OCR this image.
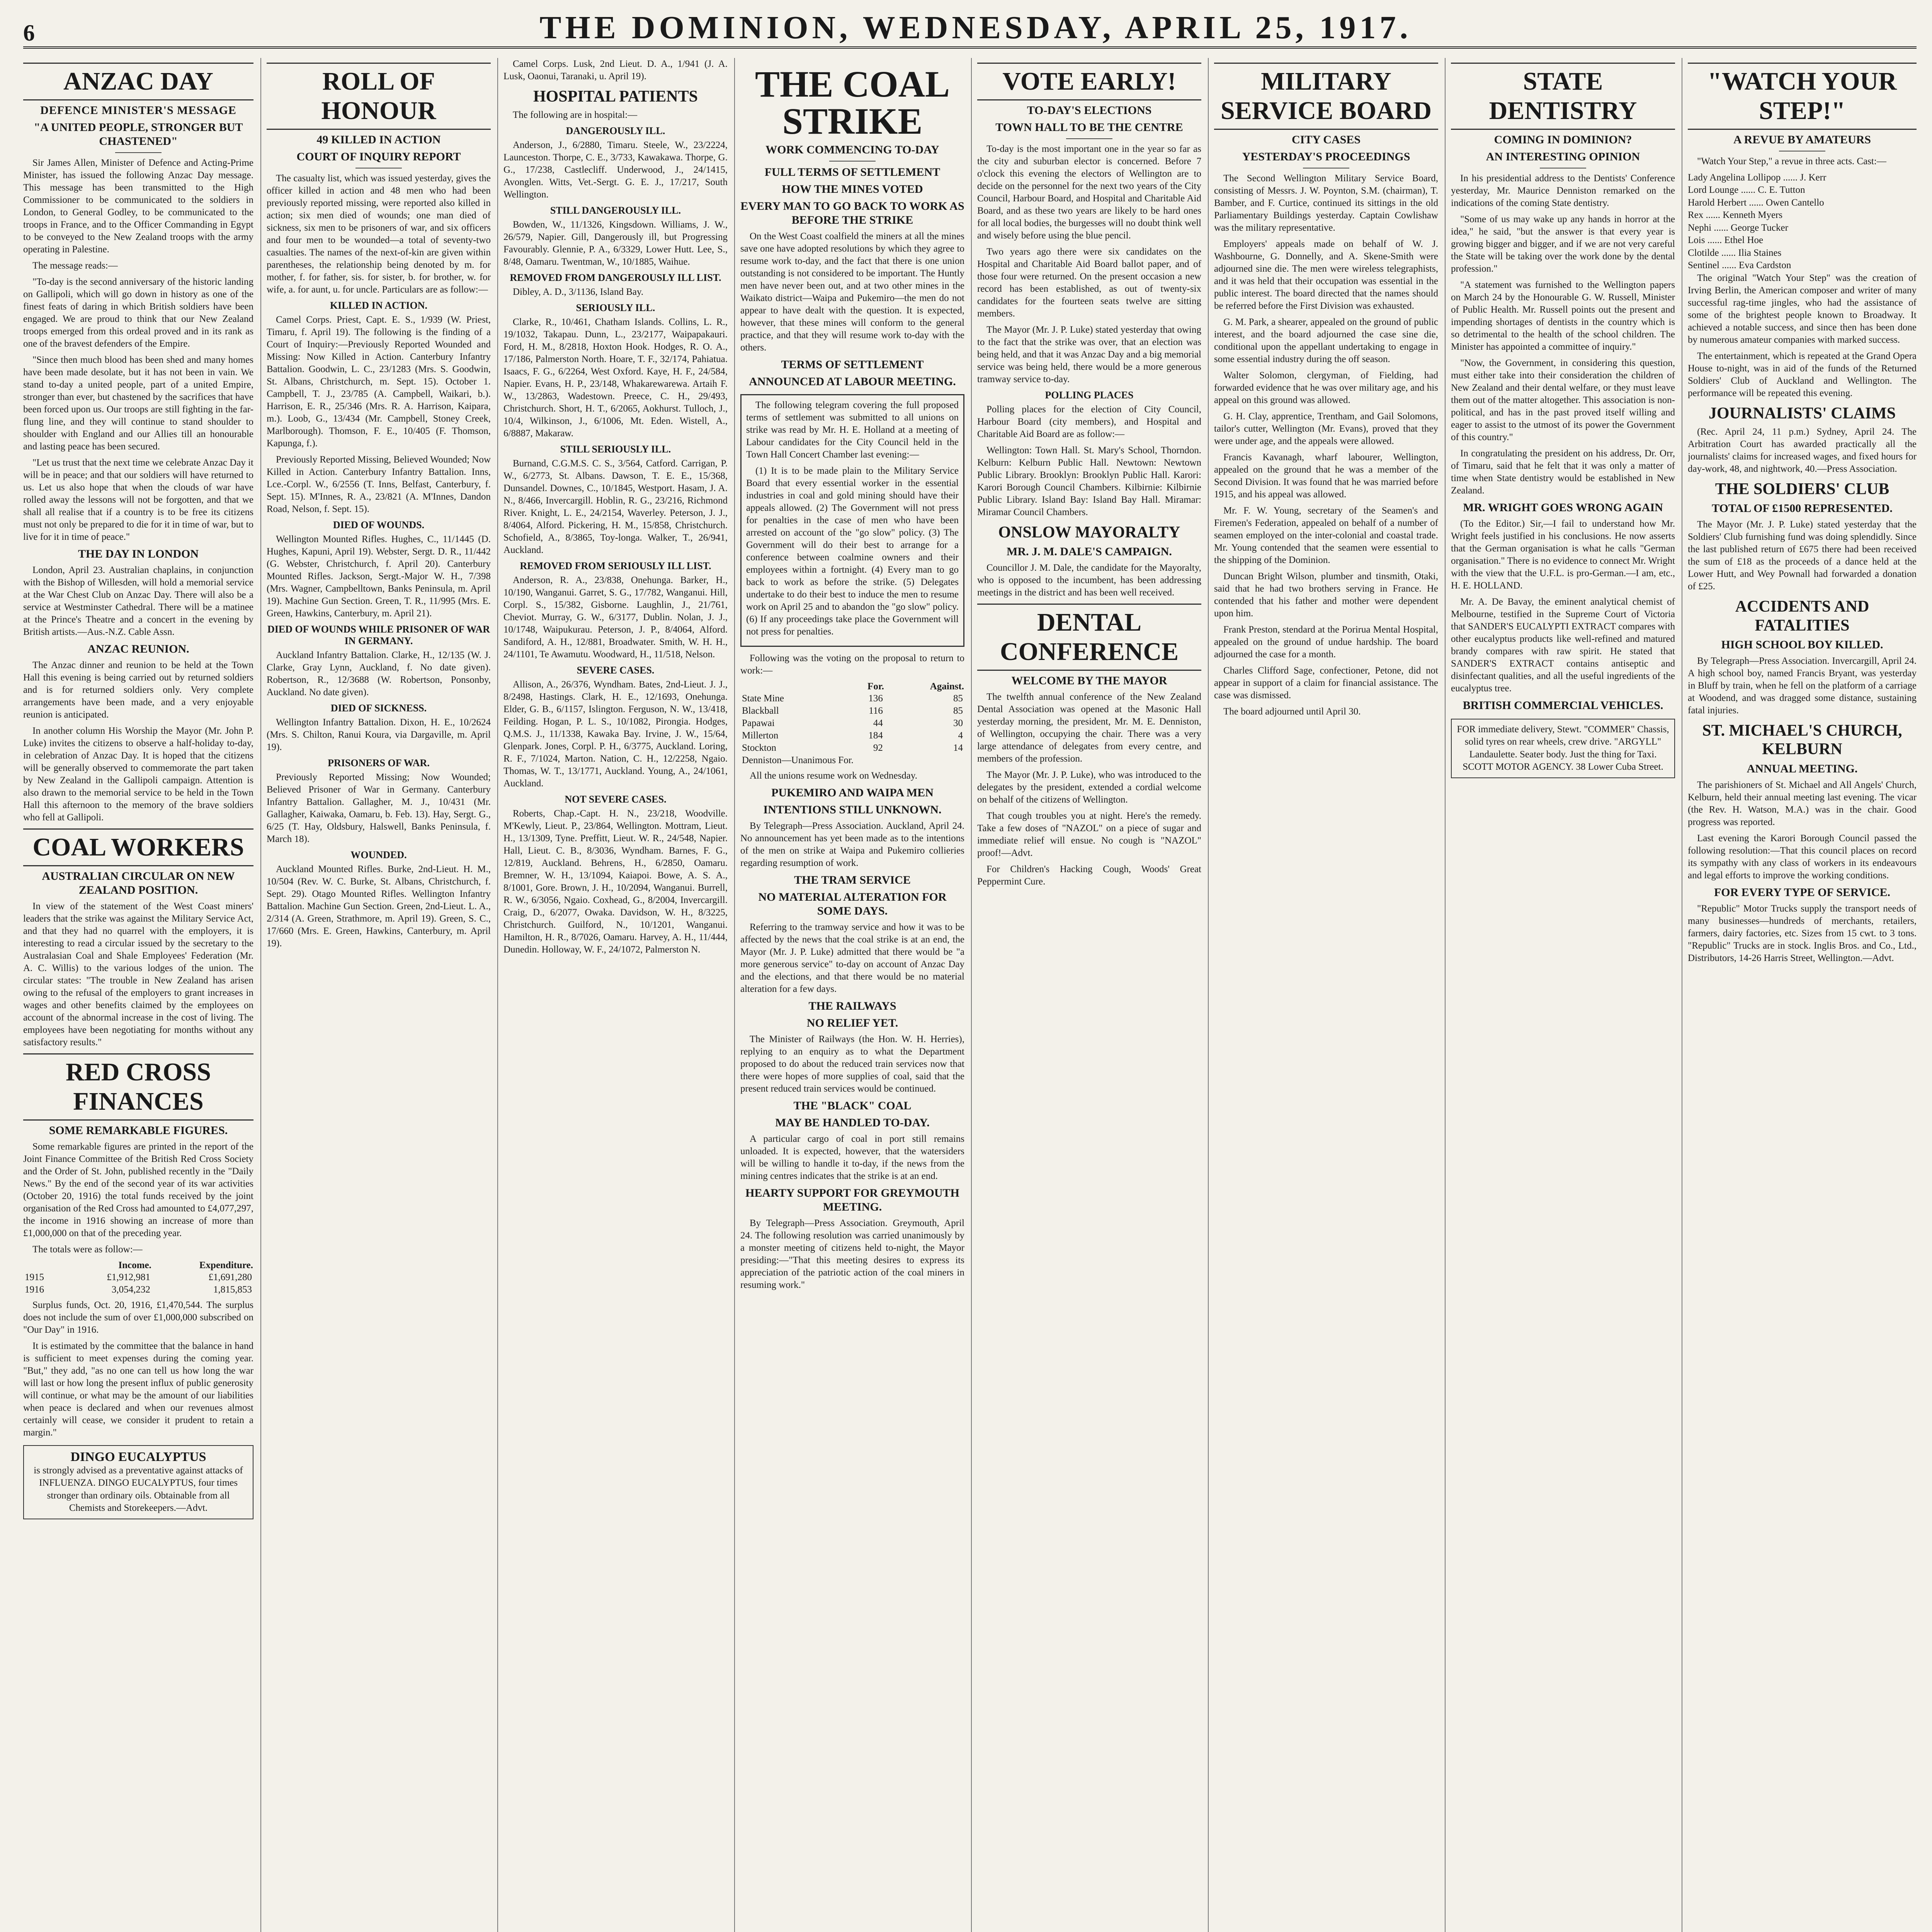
6	THE DOMINION, WEDNESDAY, APRIL 25, 1917.
ANZAC DAY
DEFENCE MINISTER'S MESSAGE
"A UNITED PEOPLE, STRONGER BUT CHASTENED"

Sir James Allen, Minister of Defence and Acting-Prime Minister, has issued the following Anzac Day message. This message has been transmitted to the High Commissioner to be communicated to the soldiers in London, to General Godley, to be communicated to the troops in France, and to the Officer Commanding in Egypt to be conveyed to the New Zealand troops with the army operating in Palestine.

The message reads:—

"To-day is the second anniversary of the historic landing on Gallipoli, which will go down in history as one of the finest feats of daring in which British soldiers have been engaged. We are proud to think that our New Zealand troops emerged from this ordeal proved and in its rank as one of the bravest defenders of the Empire.

"Since then much blood has been shed and many homes have been made desolate, but it has not been in vain. We stand to-day a united people, part of a united Empire, stronger than ever, but chastened by the sacrifices that have been forced upon us. Our troops are still fighting in the far-flung line, and they will continue to stand shoulder to shoulder with England and our Allies till an honourable and lasting peace has been secured.

"Let us trust that the next time we celebrate Anzac Day it will be in peace; and that our soldiers will have returned to us. Let us also hope that when the clouds of war have rolled away the lessons will not be forgotten, and that we shall all realise that if a country is to be free its citizens must not only be prepared to die for it in time of war, but to live for it in time of peace."

THE DAY IN LONDON

London, April 23. Australian chaplains, in conjunction with the Bishop of Willesden, will hold a memorial service at the War Chest Club on Anzac Day. There will also be a service at Westminster Cathedral. There will be a matinee at the Prince's Theatre and a concert in the evening by British artists.—Aus.-N.Z. Cable Assn.

ANZAC REUNION.

The Anzac dinner and reunion to be held at the Town Hall this evening is being carried out by returned soldiers and is for returned soldiers only. Very complete arrangements have been made, and a very enjoyable reunion is anticipated.

In another column His Worship the Mayor (Mr. John P. Luke) invites the citizens to observe a half-holiday to-day, in celebration of Anzac Day. It is hoped that the citizens will be generally observed to commemorate the part taken by New Zealand in the Gallipoli campaign. Attention is also drawn to the memorial service to be held in the Town Hall this afternoon to the memory of the brave soldiers who fell at Gallipoli.

COAL WORKERS
AUSTRALIAN CIRCULAR ON NEW ZEALAND POSITION.

In view of the statement of the West Coast miners' leaders that the strike was against the Military Service Act, and that they had no quarrel with the employers, it is interesting to read a circular issued by the secretary to the Australasian Coal and Shale Employees' Federation (Mr. A. C. Willis) to the various lodges of the union. The circular states: "The trouble in New Zealand has arisen owing to the refusal of the employers to grant increases in wages and other benefits claimed by the employees on account of the abnormal increase in the cost of living. The employees have been negotiating for months without any satisfactory results."

RED CROSS FINANCES
SOME REMARKABLE FIGURES.

Some remarkable figures are printed in the report of the Joint Finance Committee of the British Red Cross Society and the Order of St. John, published recently in the "Daily News." By the end of the second year of its war activities (October 20, 1916) the total funds received by the joint organisation of the Red Cross had amounted to £4,077,297, the income in 1916 showing an increase of more than £1,000,000 on that of the preceding year.

The totals were as follow:—

	Income.	Expenditure.
1915	£1,912,981	£1,691,280
1916	3,054,232	1,815,853

Surplus funds, Oct. 20, 1916, £1,470,544. The surplus does not include the sum of over £1,000,000 subscribed on "Our Day" in 1916.

It is estimated by the committee that the balance in hand is sufficient to meet expenses during the coming year. "But," they add, "as no one can tell us how long the war will last or how long the present influx of public generosity will continue, or what may be the amount of our liabilities when peace is declared and when our revenues almost certainly will cease, we consider it prudent to retain a margin."

DINGO EUCALYPTUS
is strongly advised as a preventative against attacks of INFLUENZA. DINGO EUCALYPTUS, four times stronger than ordinary oils. Obtainable from all Chemists and Storekeepers.—Advt.
ROLL OF HONOUR
49 KILLED IN ACTION
COURT OF INQUIRY REPORT

The casualty list, which was issued yesterday, gives the officer killed in action and 48 men who had been previously reported missing, were reported also killed in action; six men died of wounds; one man died of sickness, six men to be prisoners of war, and six officers and four men to be wounded—a total of seventy-two casualties. The names of the next-of-kin are given within parentheses, the relationship being denoted by m. for mother, f. for father, sis. for sister, b. for brother, w. for wife, a. for aunt, u. for uncle. Particulars are as follow:—

KILLED IN ACTION.

Camel Corps. Priest, Capt. E. S., 1/939 (W. Priest, Timaru, f. April 19). The following is the finding of a Court of Inquiry:—Previously Reported Wounded and Missing: Now Killed in Action. Canterbury Infantry Battalion. Goodwin, L. C., 23/1283 (Mrs. S. Goodwin, St. Albans, Christchurch, m. Sept. 15). October 1. Campbell, T. J., 23/785 (A. Campbell, Waikari, b.). Harrison, E. R., 25/346 (Mrs. R. A. Harrison, Kaipara, m.). Loob, G., 13/434 (Mr. Campbell, Stoney Creek, Marlborough). Thomson, F. E., 10/405 (F. Thomson, Kapunga, f.).

Previously Reported Missing, Believed Wounded; Now Killed in Action. Canterbury Infantry Battalion. Inns, Lce.-Corpl. W., 6/2556 (T. Inns, Belfast, Canterbury, f. Sept. 15). M'Innes, R. A., 23/821 (A. M'Innes, Dandon Road, Nelson, f. Sept. 15).

DIED OF WOUNDS.

Wellington Mounted Rifles. Hughes, C., 11/1445 (D. Hughes, Kapuni, April 19). Webster, Sergt. D. R., 11/442 (G. Webster, Christchurch, f. April 20). Canterbury Mounted Rifles. Jackson, Sergt.-Major W. H., 7/398 (Mrs. Wagner, Campbelltown, Banks Peninsula, m. April 19). Machine Gun Section. Green, T. R., 11/995 (Mrs. E. Green, Hawkins, Canterbury, m. April 21).

DIED OF WOUNDS WHILE PRISONER OF WAR IN GERMANY.

Auckland Infantry Battalion. Clarke, H., 12/135 (W. J. Clarke, Gray Lynn, Auckland, f. No date given). Robertson, R., 12/3688 (W. Robertson, Ponsonby, Auckland. No date given).

DIED OF SICKNESS.

Wellington Infantry Battalion. Dixon, H. E., 10/2624 (Mrs. S. Chilton, Ranui Koura, via Dargaville, m. April 19).

PRISONERS OF WAR.

Previously Reported Missing; Now Wounded; Believed Prisoner of War in Germany. Canterbury Infantry Battalion. Gallagher, M. J., 10/431 (Mr. Gallagher, Kaiwaka, Oamaru, b. Feb. 13). Hay, Sergt. G., 6/25 (T. Hay, Oldsbury, Halswell, Banks Peninsula, f. March 18).

WOUNDED.

Auckland Mounted Rifles. Burke, 2nd-Lieut. H. M., 10/504 (Rev. W. C. Burke, St. Albans, Christchurch, f. Sept. 29). Otago Mounted Rifles. Wellington Infantry Battalion. Machine Gun Section. Green, 2nd-Lieut. L. A., 2/314 (A. Green, Strathmore, m. April 19). Green, S. C., 17/660 (Mrs. E. Green, Hawkins, Canterbury, m. April 19).

Camel Corps. Lusk, 2nd Lieut. D. A., 1/941 (J. A. Lusk, Oaonui, Taranaki, u. April 19).

HOSPITAL PATIENTS

The following are in hospital:—

DANGEROUSLY ILL.

Anderson, J., 6/2880, Timaru. Steele, W., 23/2224, Launceston. Thorpe, C. E., 3/733, Kawakawa. Thorpe, G. G., 17/238, Castlecliff. Underwood, J., 24/1415, Avonglen. Witts, Vet.-Sergt. G. E. J., 17/217, South Wellington.

STILL DANGEROUSLY ILL.

Bowden, W., 11/1326, Kingsdown. Williams, J. W., 26/579, Napier. Gill, Dangerously ill, but Progressing Favourably. Glennie, P. A., 6/3329, Lower Hutt. Lee, S., 8/48, Oamaru. Twentman, W., 10/1885, Waihue.

REMOVED FROM DANGEROUSLY ILL LIST.

Dibley, A. D., 3/1136, Island Bay.

SERIOUSLY ILL.

Clarke, R., 10/461, Chatham Islands. Collins, L. R., 19/1032, Takapau. Dunn, L., 23/2177, Waipapakauri. Ford, H. M., 8/2818, Hoxton Hook. Hodges, R. O. A., 17/186, Palmerston North. Hoare, T. F., 32/174, Pahiatua. Isaacs, F. G., 6/2264, West Oxford. Kaye, H. F., 24/584, Napier. Evans, H. P., 23/148, Whakarewarewa. Artaih F. W., 13/2863, Wadestown. Preece, C. H., 29/493, Christchurch. Short, H. T., 6/2065, Aokhurst. Tulloch, J., 10/4, Wilkinson, J., 6/1006, Mt. Eden. Wistell, A., 6/8887, Makaraw.

STILL SERIOUSLY ILL.

Burnand, C.G.M.S. C. S., 3/564, Catford. Carrigan, P. W., 6/2773, St. Albans. Dawson, T. E. E., 15/368, Dunsandel. Downes, C., 10/1845, Westport. Hasam, J. A. N., 8/466, Invercargill. Hoblin, R. G., 23/216, Richmond River. Knight, L. E., 24/2154, Waverley. Peterson, J. J., 8/4064, Alford. Pickering, H. M., 15/858, Christchurch. Schofield, A., 8/3865, Toy-longa. Walker, T., 26/941, Auckland.

REMOVED FROM SERIOUSLY ILL LIST.

Anderson, R. A., 23/838, Onehunga. Barker, H., 10/190, Wanganui. Garret, S. G., 17/782, Wanganui. Hill, Corpl. S., 15/382, Gisborne. Laughlin, J., 21/761, Cheviot. Murray, G. W., 6/3177, Dublin. Nolan, J. J., 10/1748, Waipukurau. Peterson, J. P., 8/4064, Alford. Sandiford, A. H., 12/881, Broadwater. Smith, W. H. H., 24/1101, Te Awamutu. Woodward, H., 11/518, Nelson.

SEVERE CASES.

Allison, A., 26/376, Wyndham. Bates, 2nd-Lieut. J. J., 8/2498, Hastings. Clark, H. E., 12/1693, Onehunga. Elder, G. B., 6/1157, Islington. Ferguson, N. W., 13/418, Feilding. Hogan, P. L. S., 10/1082, Pirongia. Hodges, Q.M.S. J., 11/1338, Kawaka Bay. Irvine, J. W., 15/64, Glenpark. Jones, Corpl. P. H., 6/3775, Auckland. Loring, R. F., 7/1024, Marton. Nation, C. H., 12/2258, Ngaio. Thomas, W. T., 13/1771, Auckland. Young, A., 24/1061, Auckland.

NOT SEVERE CASES.

Roberts, Chap.-Capt. H. N., 23/218, Woodville. M'Kewly, Lieut. P., 23/864, Wellington. Mottram, Lieut. H., 13/1309, Tyne. Preffitt, Lieut. W. R., 24/548, Napier. Hall, Lieut. C. B., 8/3036, Wyndham. Barnes, F. G., 12/819, Auckland. Behrens, H., 6/2850, Oamaru. Bremner, W. H., 13/1094, Kaiapoi. Bowe, A. S. A., 8/1001, Gore. Brown, J. H., 10/2094, Wanganui. Burrell, R. W., 6/3056, Ngaio. Coxhead, G., 8/2004, Invercargill. Craig, D., 6/2077, Owaka. Davidson, W. H., 8/3225, Christchurch. Guilford, N., 10/1201, Wanganui. Hamilton, H. R., 8/7026, Oamaru. Harvey, A. H., 11/444, Dunedin. Holloway, W. F., 24/1072, Palmerston N.

THE COAL STRIKE
WORK COMMENCING TO-DAY
FULL TERMS OF SETTLEMENT
HOW THE MINES VOTED
EVERY MAN TO GO BACK TO WORK AS BEFORE THE STRIKE

On the West Coast coalfield the miners at all the mines save one have adopted resolutions by which they agree to resume work to-day, and the fact that there is one union outstanding is not considered to be important. The Huntly men have never been out, and at two other mines in the Waikato district—Waipa and Pukemiro—the men do not appear to have dealt with the question. It is expected, however, that these mines will conform to the general practice, and that they will resume work to-day with the others.

TERMS OF SETTLEMENT
ANNOUNCED AT LABOUR MEETING.

The following telegram covering the full proposed terms of settlement was submitted to all unions on strike was read by Mr. H. E. Holland at a meeting of Labour candidates for the City Council held in the Town Hall Concert Chamber last evening:—

(1) It is to be made plain to the Military Service Board that every essential worker in the essential industries in coal and gold mining should have their appeals allowed. (2) The Government will not press for penalties in the case of men who have been arrested on account of the "go slow" policy. (3) The Government will do their best to arrange for a conference between coalmine owners and their employees within a fortnight. (4) Every man to go back to work as before the strike. (5) Delegates undertake to do their best to induce the men to resume work on April 25 and to abandon the "go slow" policy. (6) If any proceedings take place the Government will not press for penalties.

Following was the voting on the proposal to return to work:—

	For.	Against.
State Mine	136	85
Blackball	116	85
Papawai	44	30
Millerton	184	4
Stockton	92	14
Denniston—Unanimous For.		

All the unions resume work on Wednesday.

PUKEMIRO AND WAIPA MEN
INTENTIONS STILL UNKNOWN.

By Telegraph—Press Association. Auckland, April 24. No announcement has yet been made as to the intentions of the men on strike at Waipa and Pukemiro collieries regarding resumption of work.

THE TRAM SERVICE
NO MATERIAL ALTERATION FOR SOME DAYS.

Referring to the tramway service and how it was to be affected by the news that the coal strike is at an end, the Mayor (Mr. J. P. Luke) admitted that there would be "a more generous service" to-day on account of Anzac Day and the elections, and that there would be no material alteration for a few days.

THE RAILWAYS
NO RELIEF YET.

The Minister of Railways (the Hon. W. H. Herries), replying to an enquiry as to what the Department proposed to do about the reduced train services now that there were hopes of more supplies of coal, said that the present reduced train services would be continued.

THE "BLACK" COAL
MAY BE HANDLED TO-DAY.

A particular cargo of coal in port still remains unloaded. It is expected, however, that the watersiders will be willing to handle it to-day, if the news from the mining centres indicates that the strike is at an end.

HEARTY SUPPORT FOR GREYMOUTH MEETING.

By Telegraph—Press Association. Greymouth, April 24. The following resolution was carried unanimously by a monster meeting of citizens held to-night, the Mayor presiding:—"That this meeting desires to express its appreciation of the patriotic action of the coal miners in resuming work."

VOTE EARLY!
TO-DAY'S ELECTIONS
TOWN HALL TO BE THE CENTRE

To-day is the most important one in the year so far as the city and suburban elector is concerned. Before 7 o'clock this evening the electors of Wellington are to decide on the personnel for the next two years of the City Council, Harbour Board, and Hospital and Charitable Aid Board, and as these two years are likely to be hard ones for all local bodies, the burgesses will no doubt think well and wisely before using the blue pencil.

Two years ago there were six candidates on the Hospital and Charitable Aid Board ballot paper, and of those four were returned. On the present occasion a new record has been established, as out of twenty-six candidates for the fourteen seats twelve are sitting members.

The Mayor (Mr. J. P. Luke) stated yesterday that owing to the fact that the strike was over, that an election was being held, and that it was Anzac Day and a big memorial service was being held, there would be a more generous tramway service to-day.

POLLING PLACES

Polling places for the election of City Council, Harbour Board (city members), and Hospital and Charitable Aid Board are as follow:—

Wellington: Town Hall. St. Mary's School, Thorndon. Kelburn: Kelburn Public Hall. Newtown: Newtown Public Library. Brooklyn: Brooklyn Public Hall. Karori: Karori Borough Council Chambers. Kilbirnie: Kilbirnie Public Library. Island Bay: Island Bay Hall. Miramar: Miramar Council Chambers.

ONSLOW MAYORALTY
MR. J. M. DALE'S CAMPAIGN.

Councillor J. M. Dale, the candidate for the Mayoralty, who is opposed to the incumbent, has been addressing meetings in the district and has been well received.

DENTAL CONFERENCE
WELCOME BY THE MAYOR

The twelfth annual conference of the New Zealand Dental Association was opened at the Masonic Hall yesterday morning, the president, Mr. M. E. Denniston, of Wellington, occupying the chair. There was a very large attendance of delegates from every centre, and members of the profession.

The Mayor (Mr. J. P. Luke), who was introduced to the delegates by the president, extended a cordial welcome on behalf of the citizens of Wellington.

That cough troubles you at night. Here's the remedy. Take a few doses of "NAZOL" on a piece of sugar and immediate relief will ensue. No cough is "NAZOL" proof!—Advt.

For Children's Hacking Cough, Woods' Great Peppermint Cure.

MILITARY SERVICE BOARD
CITY CASES
YESTERDAY'S PROCEEDINGS

The Second Wellington Military Service Board, consisting of Messrs. J. W. Poynton, S.M. (chairman), T. Bamber, and F. Curtice, continued its sittings in the old Parliamentary Buildings yesterday. Captain Cowlishaw was the military representative.

Employers' appeals made on behalf of W. J. Washbourne, G. Donnelly, and A. Skene-Smith were adjourned sine die. The men were wireless telegraphists, and it was held that their occupation was essential in the public interest. The board directed that the names should be referred before the First Division was exhausted.

G. M. Park, a shearer, appealed on the ground of public interest, and the board adjourned the case sine die, conditional upon the appellant undertaking to engage in some essential industry during the off season.

Walter Solomon, clergyman, of Fielding, had forwarded evidence that he was over military age, and his appeal on this ground was allowed.

G. H. Clay, apprentice, Trentham, and Gail Solomons, tailor's cutter, Wellington (Mr. Evans), proved that they were under age, and the appeals were allowed.

Francis Kavanagh, wharf labourer, Wellington, appealed on the ground that he was a member of the Second Division. It was found that he was married before 1915, and his appeal was allowed.

Mr. F. W. Young, secretary of the Seamen's and Firemen's Federation, appealed on behalf of a number of seamen employed on the inter-colonial and coastal trade. Mr. Young contended that the seamen were essential to the shipping of the Dominion.

Duncan Bright Wilson, plumber and tinsmith, Otaki, said that he had two brothers serving in France. He contended that his father and mother were dependent upon him.

Frank Preston, stendard at the Porirua Mental Hospital, appealed on the ground of undue hardship. The board adjourned the case for a month.

Charles Clifford Sage, confectioner, Petone, did not appear in support of a claim for financial assistance. The case was dismissed.

The board adjourned until April 30.

STATE DENTISTRY
COMING IN DOMINION?
AN INTERESTING OPINION

In his presidential address to the Dentists' Conference yesterday, Mr. Maurice Denniston remarked on the indications of the coming State dentistry.

"Some of us may wake up any hands in horror at the idea," he said, "but the answer is that every year is growing bigger and bigger, and if we are not very careful the State will be taking over the work done by the dental profession."

"A statement was furnished to the Wellington papers on March 24 by the Honourable G. W. Russell, Minister of Public Health. Mr. Russell points out the present and impending shortages of dentists in the country which is so detrimental to the health of the school children. The Minister has appointed a committee of inquiry."

"Now, the Government, in considering this question, must either take into their consideration the children of New Zealand and their dental welfare, or they must leave them out of the matter altogether. This association is non-political, and has in the past proved itself willing and eager to assist to the utmost of its power the Government of this country."

In congratulating the president on his address, Dr. Orr, of Timaru, said that he felt that it was only a matter of time when State dentistry would be established in New Zealand.

MR. WRIGHT GOES WRONG AGAIN

(To the Editor.) Sir,—I fail to understand how Mr. Wright feels justified in his conclusions. He now asserts that the German organisation is what he calls "German organisation." There is no evidence to connect Mr. Wright with the view that the U.F.L. is pro-German.—I am, etc., H. E. HOLLAND.

Mr. A. De Bavay, the eminent analytical chemist of Melbourne, testified in the Supreme Court of Victoria that SANDER'S EUCALYPTI EXTRACT compares with other eucalyptus products like well-refined and matured brandy compares with raw spirit. He stated that SANDER'S EXTRACT contains antiseptic and disinfectant qualities, and all the useful ingredients of the eucalyptus tree.

BRITISH COMMERCIAL VEHICLES.
FOR immediate delivery, Stewt. "COMMER" Chassis, solid tyres on rear wheels, crew drive. "ARGYLL" Landaulette. Seater body. Just the thing for Taxi. SCOTT MOTOR AGENCY. 38 Lower Cuba Street.
"WATCH YOUR STEP!"
A REVUE BY AMATEURS

"Watch Your Step," a revue in three acts. Cast:—

Lady Angelina Lollipop ...... J. Kerr

Lord Lounge ...... C. E. Tutton

Harold Herbert ...... Owen Cantello

Rex ...... Kenneth Myers

Nephi ...... George Tucker

Lois ...... Ethel Hoe

Clotilde ...... Ilia Staines

Sentinel ...... Eva Cardston

The original "Watch Your Step" was the creation of Irving Berlin, the American composer and writer of many successful rag-time jingles, who had the assistance of some of the brightest people known to Broadway. It achieved a notable success, and since then has been done by numerous amateur companies with marked success.

The entertainment, which is repeated at the Grand Opera House to-night, was in aid of the funds of the Returned Soldiers' Club of Auckland and Wellington. The performance will be repeated this evening.

JOURNALISTS' CLAIMS

(Rec. April 24, 11 p.m.) Sydney, April 24. The Arbitration Court has awarded practically all the journalists' claims for increased wages, and fixed hours for day-work, 48, and nightwork, 40.—Press Association.

THE SOLDIERS' CLUB
TOTAL OF £1500 REPRESENTED.

The Mayor (Mr. J. P. Luke) stated yesterday that the Soldiers' Club furnishing fund was doing splendidly. Since the last published return of £675 there had been received the sum of £18 as the proceeds of a dance held at the Lower Hutt, and Wey Pownall had forwarded a donation of £25.

ACCIDENTS AND FATALITIES
HIGH SCHOOL BOY KILLED.

By Telegraph—Press Association. Invercargill, April 24. A high school boy, named Francis Bryant, was yesterday in Bluff by train, when he fell on the platform of a carriage at Woodend, and was dragged some distance, sustaining fatal injuries.

ST. MICHAEL'S CHURCH, KELBURN
ANNUAL MEETING.

The parishioners of St. Michael and All Angels' Church, Kelburn, held their annual meeting last evening. The vicar (the Rev. H. Watson, M.A.) was in the chair. Good progress was reported.

Last evening the Karori Borough Council passed the following resolution:—That this council places on record its sympathy with any class of workers in its endeavours and legal efforts to improve the working conditions.

FOR EVERY TYPE OF SERVICE.

"Republic" Motor Trucks supply the transport needs of many businesses—hundreds of merchants, retailers, farmers, dairy factories, etc. Sizes from 15 cwt. to 3 tons. "Republic" Trucks are in stock. Inglis Bros. and Co., Ltd., Distributors, 14-26 Harris Street, Wellington.—Advt.
